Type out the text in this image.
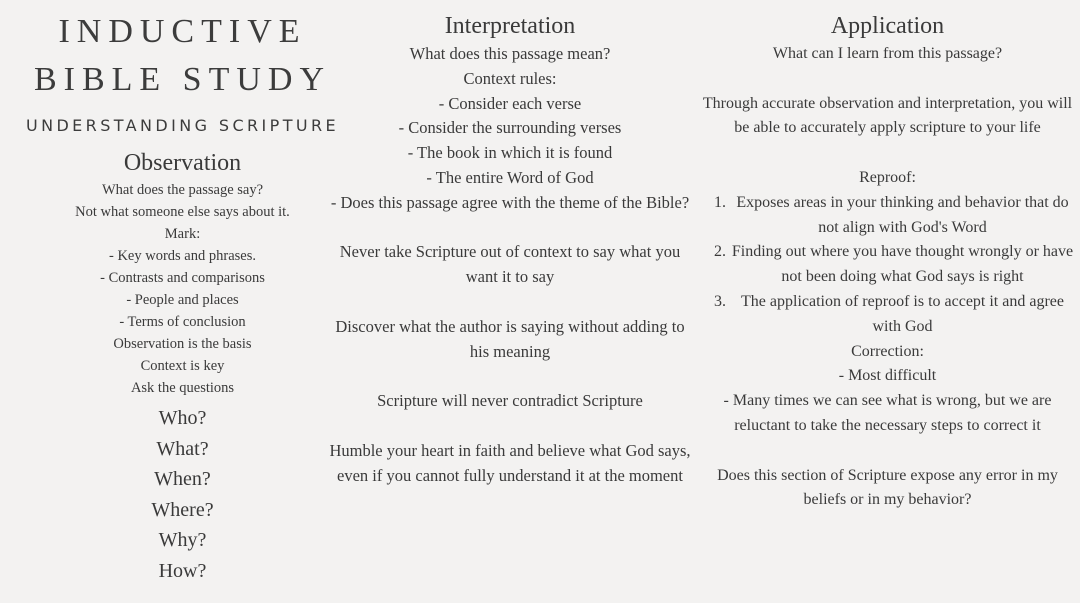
INDUCTIVE
BIBLE STUDY
UNDERSTANDING SCRIPTURE
Observation
What does the passage say?
Not what someone else says about it.
Mark:
- Key words and phrases.
- Contrasts and comparisons
- People and places
- Terms of conclusion
Observation is the basis
Context is key
Ask the questions
Who?
What?
When?
Where?
Why?
How?
Interpretation
What does this passage mean?
Context rules:
- Consider each verse
- Consider the surrounding verses
- The book in which it is found
- The entire Word of God
- Does this passage agree with the theme of the Bible?
Never take Scripture out of context to say what you want it to say
Discover what the author is saying without adding to his meaning
Scripture will never contradict Scripture
Humble your heart in faith and believe what God says, even if you cannot fully understand it at the moment
Application
What can I learn from this passage?
Through accurate observation and interpretation, you will be able to accurately apply scripture to your life
Reproof:
1. Exposes areas in your thinking and behavior that do not align with God's Word
2. Finding out where you have thought wrongly or have not been doing what God says is right
3. The application of reproof is to accept it and agree with God
Correction:
- Most difficult
- Many times we can see what is wrong, but we are reluctant to take the necessary steps to correct it
Does this section of Scripture expose any error in my beliefs or in my behavior?
